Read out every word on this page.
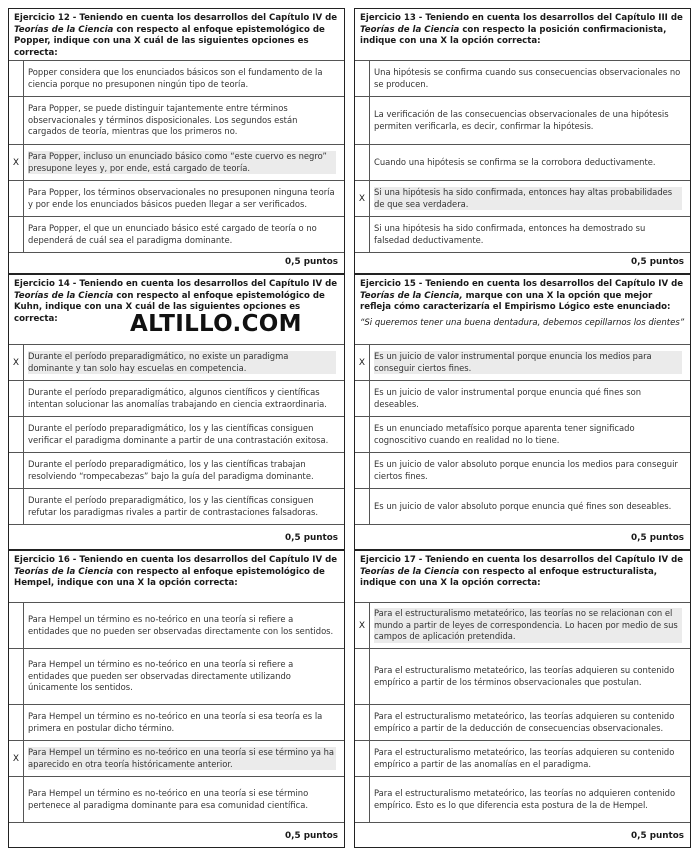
Ejercicio 12 - Teniendo en cuenta los desarrollos del Capítulo IV de Teorías de la Ciencia con respecto al enfoque epistemológico de Popper, indique con una X cuál de las siguientes opciones es correcta:
Popper considera que los enunciados básicos son el fundamento de la ciencia porque no presuponen ningún tipo de teoría.
Para Popper, se puede distinguir tajantemente entre términos observacionales y términos disposicionales. Los segundos están cargados de teoría, mientras que los primeros no.
X
Para Popper, incluso un enunciado básico como “este cuervo es negro” presupone leyes y, por ende, está cargado de teoría.
Para Popper, los términos observacionales no presuponen ninguna teoría y por ende los enunciados básicos pueden llegar a ser verificados.
Para Popper, el que un enunciado básico esté cargado de teoría o no dependerá de cuál sea el paradigma dominante.
0,5 puntos
Ejercicio 13 - Teniendo en cuenta los desarrollos del Capítulo III de Teorías de la Ciencia con respecto la posición confirmacionista, indique con una X la opción correcta:
Una hipótesis se confirma cuando sus consecuencias observacionales no se producen.
La verificación de las consecuencias observacionales de una hipótesis permiten verificarla, es decir, confirmar la hipótesis.
Cuando una hipótesis se confirma se la corrobora deductivamente.
X
Si una hipótesis ha sido confirmada, entonces hay altas probabilidades de que sea verdadera.
Si una hipótesis ha sido confirmada, entonces ha demostrado su falsedad deductivamente.
0,5 puntos
Ejercicio 14 - Teniendo en cuenta los desarrollos del Capítulo IV de Teorías de la Ciencia con respecto al enfoque epistemológico de Kuhn, indique con una X cuál de las siguientes opciones es correcta:
X
Durante el período preparadigmático, no existe un paradigma dominante y tan solo hay escuelas en competencia.
Durante el período preparadigmático, algunos científicos y científicas intentan solucionar las anomalías trabajando en ciencia extraordinaria.
Durante el período preparadigmático, los y las científicas consiguen verificar el paradigma dominante a partir de una contrastación exitosa.
Durante el período preparadigmático, los y las científicas trabajan resolviendo “rompecabezas” bajo la guía del paradigma dominante.
Durante el período preparadigmático, los y las científicas consiguen refutar los paradigmas rivales a partir de contrastaciones falsadoras.
0,5 puntos
Ejercicio 15 - Teniendo en cuenta los desarrollos del Capítulo IV de Teorías de la Ciencia, marque con una X la opción que mejor refleja cómo caracterizaría el Empirismo Lógico este enunciado:
“Si queremos tener una buena dentadura, debemos cepillarnos los dientes”
X
Es un juicio de valor instrumental porque enuncia los medios para conseguir ciertos fines.
Es un juicio de valor instrumental porque enuncia qué fines son deseables.
Es un enunciado metafísico porque aparenta tener significado cognoscitivo cuando en realidad no lo tiene.
Es un juicio de valor absoluto porque enuncia los medios para conseguir ciertos fines.
Es un juicio de valor absoluto porque enuncia qué fines son deseables.
0,5 puntos
Ejercicio 16 - Teniendo en cuenta los desarrollos del Capítulo IV de Teorías de la Ciencia con respecto al enfoque epistemológico de Hempel, indique con una X la opción correcta:
Para Hempel un término es no-teórico en una teoría si refiere a entidades que no pueden ser observadas directamente con los sentidos.
Para Hempel un término es no-teórico en una teoría si refiere a entidades que pueden ser observadas directamente utilizando únicamente los sentidos.
Para Hempel un término es no-teórico en una teoría si esa teoría es la primera en postular dicho término.
X
Para Hempel un término es no-teórico en una teoría si ese término ya ha aparecido en otra teoría históricamente anterior.
Para Hempel un término es no-teórico en una teoría si ese término pertenece al paradigma dominante para esa comunidad científica.
0,5 puntos
Ejercicio 17 - Teniendo en cuenta los desarrollos del Capítulo IV de Teorías de la Ciencia con respecto al enfoque estructuralista, indique con una X la opción correcta:
X
Para el estructuralismo metateórico, las teorías no se relacionan con el mundo a partir de leyes de correspondencia. Lo hacen por medio de sus campos de aplicación pretendida.
Para el estructuralismo metateórico, las teorías adquieren su contenido empírico a partir de los términos observacionales que postulan.
Para el estructuralismo metateórico, las teorías adquieren su contenido empírico a partir de la deducción de consecuencias observacionales.
Para el estructuralismo metateórico, las teorías adquieren su contenido empírico a partir de las anomalías en el paradigma.
Para el estructuralismo metateórico, las teorías no adquieren contenido empírico. Esto es lo que diferencia esta postura de la de Hempel.
0,5 puntos
ALTILLO.COM
